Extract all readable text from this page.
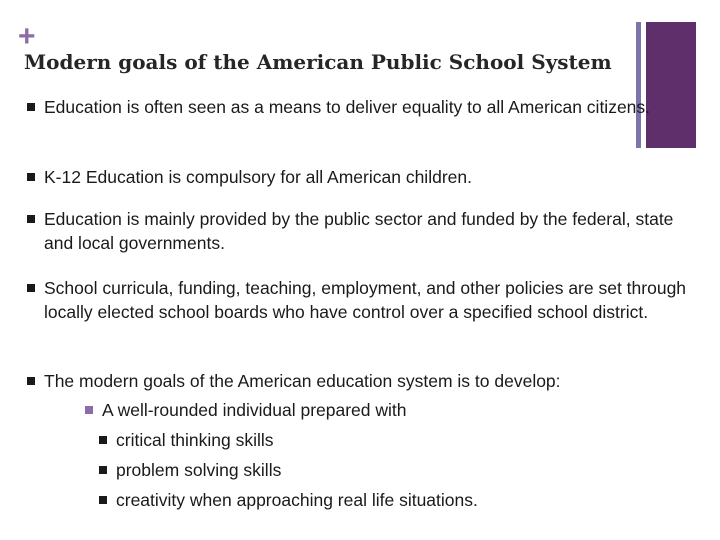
+
Modern goals of the American Public School System
Education is often seen as a means to deliver equality to all American citizens.
K-12 Education is compulsory for all American children.
Education is mainly provided by the public sector and funded by the federal, state and local governments.
School curricula, funding, teaching, employment, and other policies are set through locally elected school boards who have control over a specified school district.
The modern goals of the American education system is to develop:
A well-rounded individual prepared with
critical thinking skills
problem solving skills
creativity when approaching real life situations.
